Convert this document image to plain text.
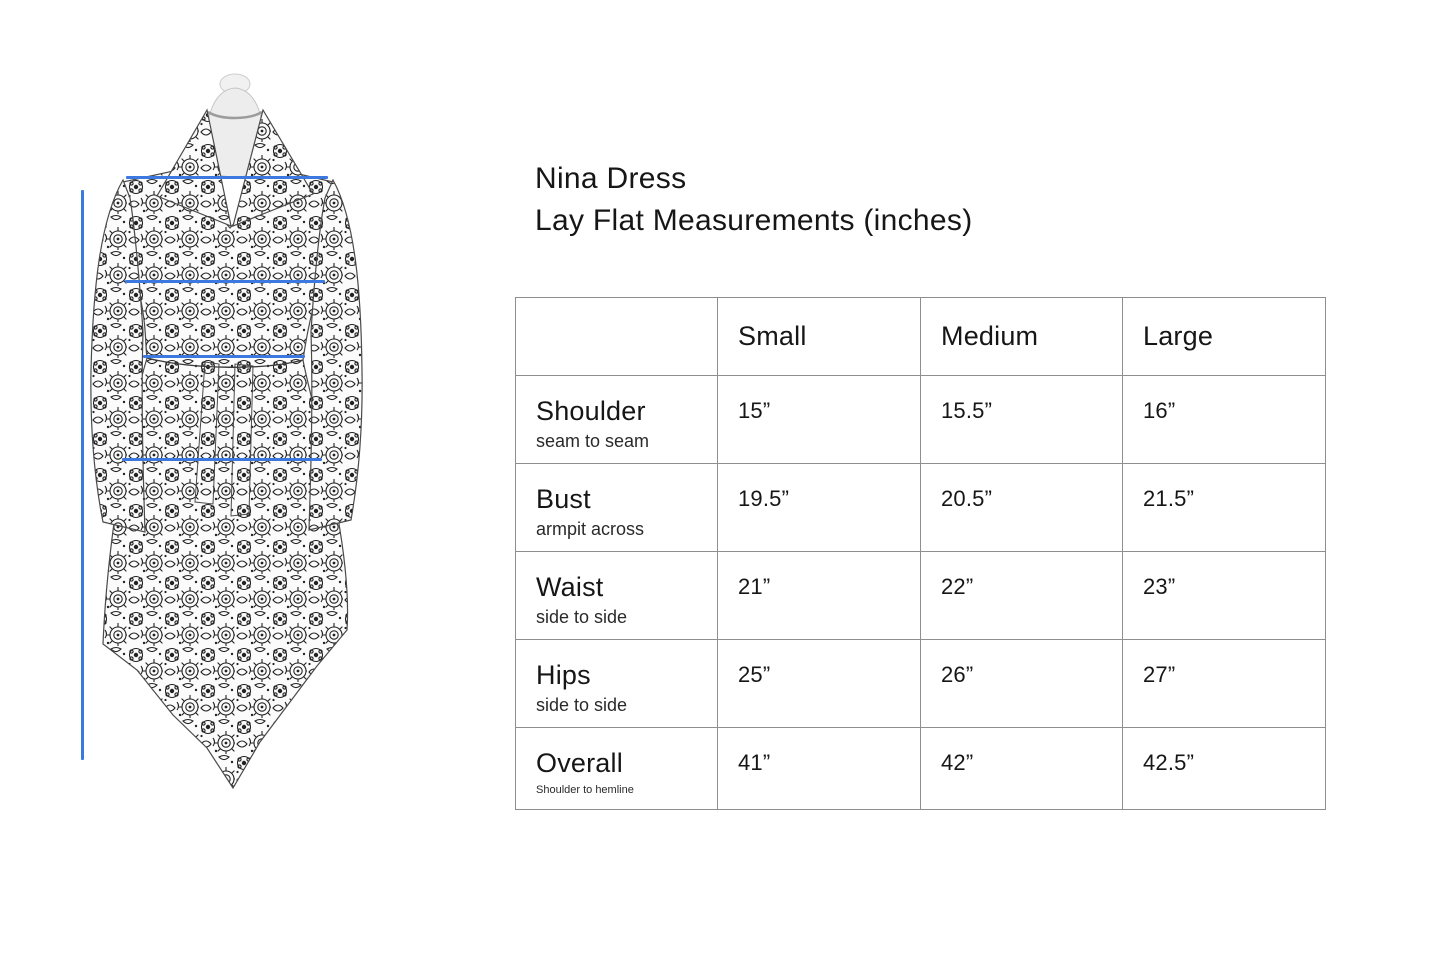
Nina Dress
Lay Flat Measurements (inches)
	Small	Medium	Large

Shoulder
seam to seam	15”	15.5”	16”

Bust
armpit across	19.5”	20.5”	21.5”

Waist
side to side	21”	22”	23”

Hips
side to side	25”	26”	27”

Overall
Shoulder to hemline	41”	42”	42.5”
